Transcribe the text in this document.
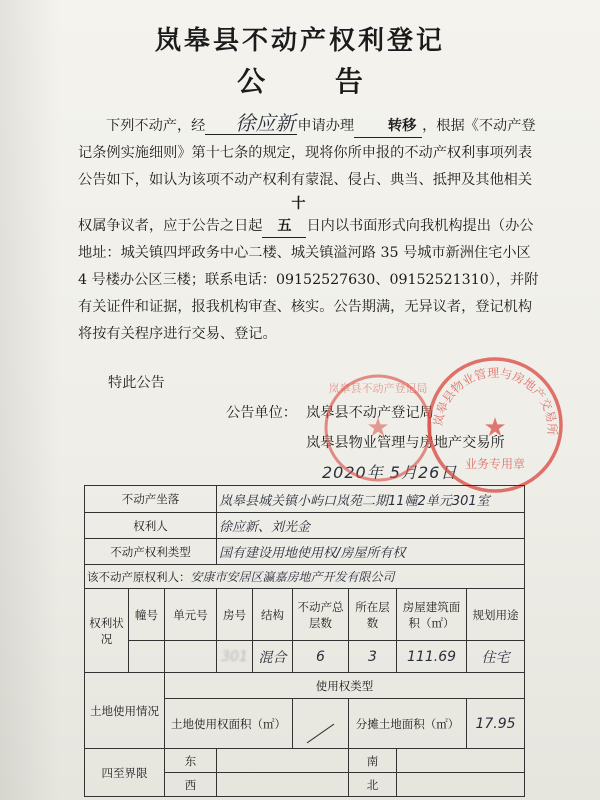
岚皋县不动产权利登记
公 告

下列不动产，经 徐应新 申请办理 转移 ，根据《不动产登记条例实施细则》第十七条的规定，现将你所申报的不动产权利事项列表公告如下，如认为该项不动产权利有蒙混、侵占、典当、抵押及其他相关权属争议者，应于公告之日起十五 日内以书面形式向我机构提出（办公地址：城关镇四坪政务中心二楼、城关镇溢河路 35 号城市新洲住宅小区 4 号楼办公区三楼；联系电话：09152527630、09152521310），并附有关证件和证据，报我机构审查、核实。公告期满，无异议者，登记机构将按有关程序进行交易、登记。

特此公告
公告单位： 岚皋县不动产登记局
岚皋县物业管理与房地产交易所
2020年 5月26日
岚皋县不动产登记局
★	岚皋县物业管理与房地产交易所
★
业务专用章
不动产坐落			岚皋县城关镇小屿口岚苑二期11幢2单元301室					
权利人			徐应新、刘光金					
不动产权利类型			国有建设用地使用权/房屋所有权					
该不动产原权利人：安康市安居区瀛嘉房地产开发有限公司								
权利状况	幢号	单元号	房号	结构	不动产总层数	所在层数	房屋建筑面积（㎡）	规划用途
			301	混合	6	3	111.69	住宅
土地使用情况		使用权类型						
		土地使用权面积（㎡）				分摊土地面积（㎡）		17.95
四至界限		东				南		
		西				北		
